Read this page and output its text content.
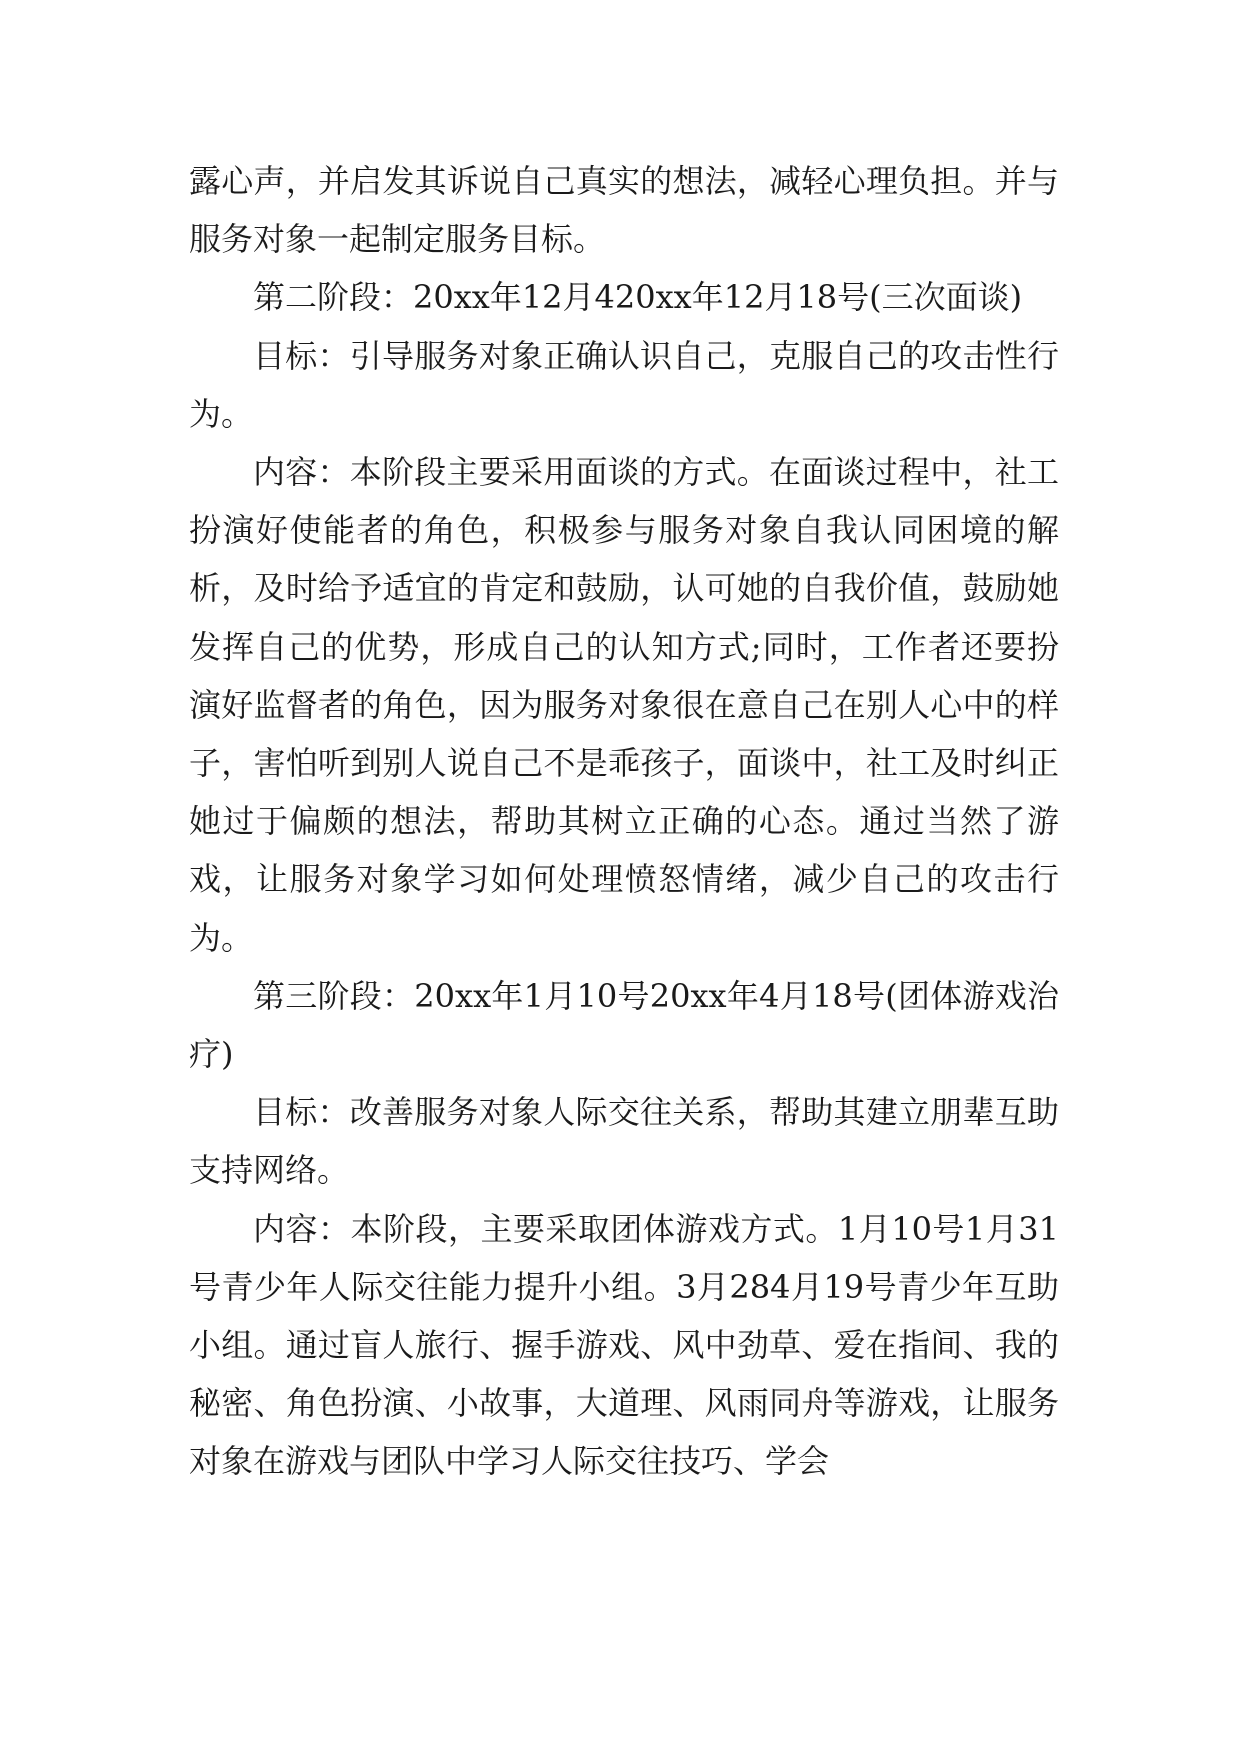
露心声，并启发其诉说自己真实的想法，减轻心理负担。并与服务对象一起制定服务目标。

第二阶段：20xx年12月420xx年12月18号(三次面谈)

目标：引导服务对象正确认识自己，克服自己的攻击性行为。

内容：本阶段主要采用面谈的方式。在面谈过程中，社工扮演好使能者的角色，积极参与服务对象自我认同困境的解析，及时给予适宜的肯定和鼓励，认可她的自我价值，鼓励她发挥自己的优势，形成自己的认知方式;同时，工作者还要扮演好监督者的角色，因为服务对象很在意自己在别人心中的样子，害怕听到别人说自己不是乖孩子，面谈中，社工及时纠正她过于偏颇的想法，帮助其树立正确的心态。通过当然了游戏，让服务对象学习如何处理愤怒情绪，减少自己的攻击行为。

第三阶段：20xx年1月10号20xx年4月18号(团体游戏治疗)

目标：改善服务对象人际交往关系，帮助其建立朋辈互助支持网络。

内容：本阶段，主要采取团体游戏方式。1月10号1月31号青少年人际交往能力提升小组。3月284月19号青少年互助小组。通过盲人旅行、握手游戏、风中劲草、爱在指间、我的秘密、角色扮演、小故事，大道理、风雨同舟等游戏，让服务对象在游戏与团队中学习人际交往技巧、学会
